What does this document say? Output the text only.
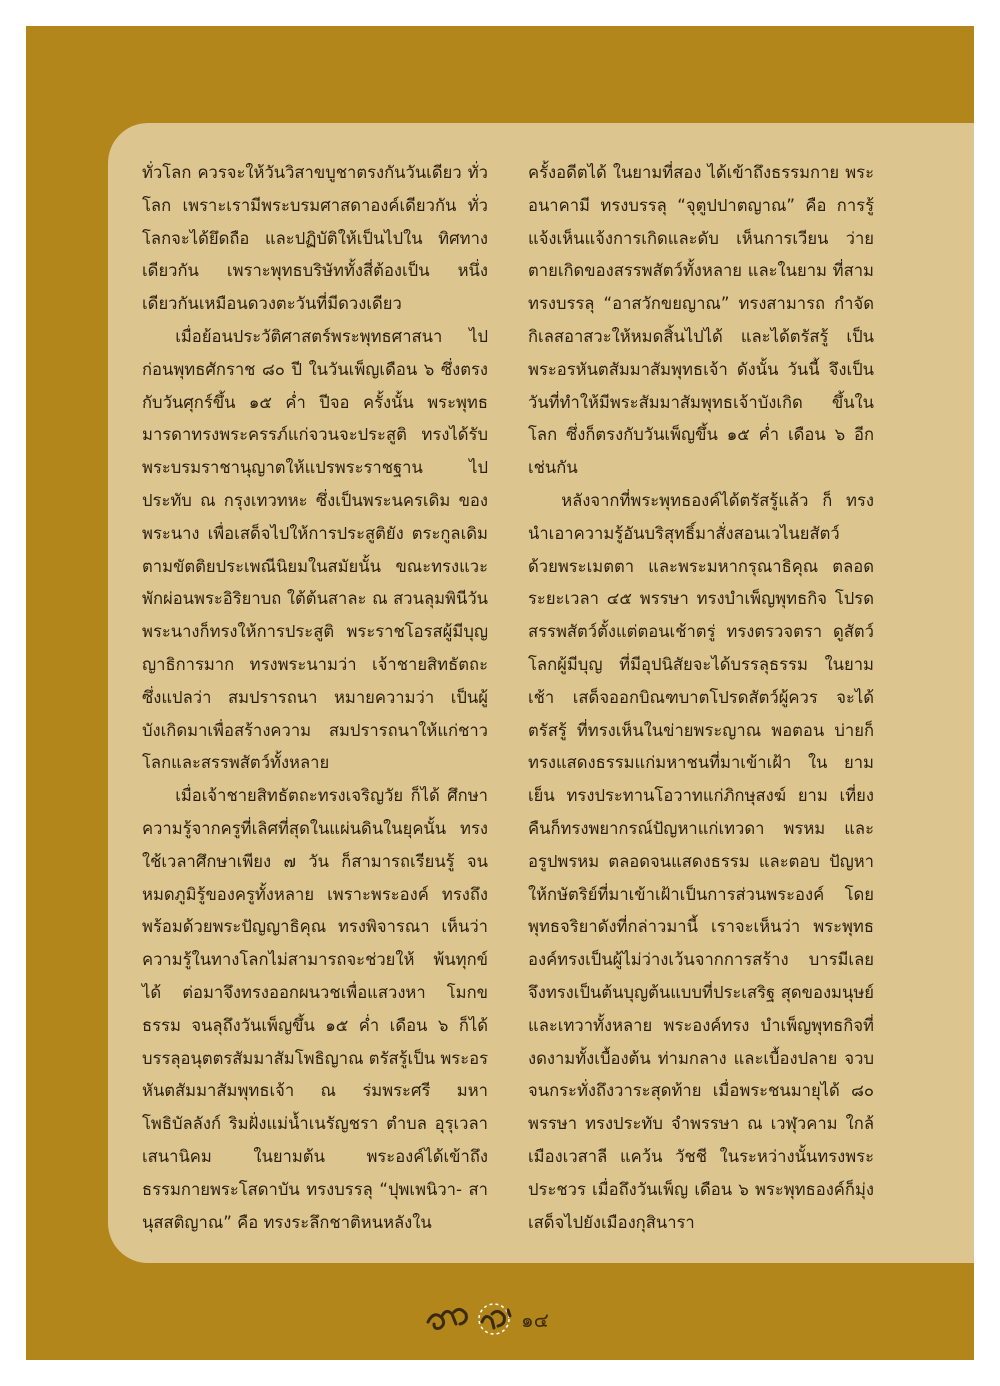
ทั่วโลก ควรจะให้วันวิสาขบูชาตรงกันวันเดียว ทั่วโลก เพราะเรามีพระบรมศาสดาองค์เดียวกัน ทั่วโลกจะได้ยึดถือ และปฏิบัติให้เป็นไปใน ทิศทางเดียวกัน เพราะพุทธบริษัททั้งสี่ต้องเป็น หนึ่งเดียวกันเหมือนดวงตะวันที่มีดวงเดียว

เมื่อย้อนประวัติศาสตร์พระพุทธศาสนา ไปก่อนพุทธศักราช ๘๐ ปี ในวันเพ็ญเดือน ๖ ซึ่งตรงกับวันศุกร์ขึ้น ๑๕ ค่ำ ปีจอ ครั้งนั้น พระพุทธมารดาทรงพระครรภ์แก่จวนจะประสูติ ทรงได้รับพระบรมราชานุญาตให้แปรพระราชฐาน ไปประทับ ณ กรุงเทวทหะ ซึ่งเป็นพระนครเดิม ของพระนาง เพื่อเสด็จไปให้การประสูติยัง ตระกูลเดิม ตามขัตติยประเพณีนิยมในสมัยนั้น ขณะทรงแวะพักผ่อนพระอิริยาบถ ใต้ต้นสาละ ณ สวนลุมพินีวัน พระนางก็ทรงให้การประสูติ พระราชโอรสผู้มีบุญญาธิการมาก ทรงพระนามว่า เจ้าชายสิทธัตถะ ซึ่งแปลว่า สมปรารถนา หมายความว่า เป็นผู้บังเกิดมาเพื่อสร้างความ สมปรารถนาให้แก่ชาวโลกและสรรพสัตว์ทั้งหลาย

เมื่อเจ้าชายสิทธัตถะทรงเจริญวัย ก็ได้ ศึกษาความรู้จากครูที่เลิศที่สุดในแผ่นดินในยุคนั้น ทรงใช้เวลาศึกษาเพียง ๗ วัน ก็สามารถเรียนรู้ จนหมดภูมิรู้ของครูทั้งหลาย เพราะพระองค์ ทรงถึงพร้อมด้วยพระปัญญาธิคุณ ทรงพิจารณา เห็นว่า ความรู้ในทางโลกไม่สามารถจะช่วยให้ พ้นทุกข์ได้ ต่อมาจึงทรงออกผนวชเพื่อแสวงหา โมกขธรรม จนลุถึงวันเพ็ญขึ้น ๑๕ ค่ำ เดือน ๖ ก็ได้บรรลุอนุตตรสัมมาสัมโพธิญาณ ตรัสรู้เป็น พระอรหันตสัมมาสัมพุทธเจ้า ณ ร่มพระศรี มหาโพธิบัลลังก์ ริมฝั่งแม่น้ำเนรัญชรา ตำบล อุรุเวลาเสนานิคม ในยามต้น พระองค์ได้เข้าถึง ธรรมกายพระโสดาบัน ทรงบรรลุ “ปุพเพนิวา- สานุสสติญาณ” คือ ทรงระลึกชาติหนหลังใน

ครั้งอดีตได้ ในยามที่สอง ได้เข้าถึงธรรมกาย พระอนาคามี ทรงบรรลุ “จุตูปปาตญาณ” คือ การรู้แจ้งเห็นแจ้งการเกิดและดับ เห็นการเวียน ว่ายตายเกิดของสรรพสัตว์ทั้งหลาย และในยาม ที่สาม ทรงบรรลุ “อาสวักขยญาณ” ทรงสามารถ กำจัดกิเลสอาสวะให้หมดสิ้นไปได้ และได้ตรัสรู้ เป็นพระอรหันตสัมมาสัมพุทธเจ้า ดังนั้น วันนี้ จึงเป็นวันที่ทำให้มีพระสัมมาสัมพุทธเจ้าบังเกิด ขึ้นในโลก ซึ่งก็ตรงกับวันเพ็ญขึ้น ๑๕ ค่ำ เดือน ๖ อีกเช่นกัน

หลังจากที่พระพุทธองค์ได้ตรัสรู้แล้ว ก็ ทรงนำเอาความรู้อันบริสุทธิ์มาสั่งสอนเวไนยสัตว์ ด้วยพระเมตตา และพระมหากรุณาธิคุณ ตลอด ระยะเวลา ๔๕ พรรษา ทรงบำเพ็ญพุทธกิจ โปรดสรรพสัตว์ตั้งแต่ตอนเช้าตรู่ ทรงตรวจตรา ดูสัตว์โลกผู้มีบุญ ที่มีอุปนิสัยจะได้บรรลุธรรม ในยามเช้า เสด็จออกบิณฑบาตโปรดสัตว์ผู้ควร จะได้ตรัสรู้ ที่ทรงเห็นในข่ายพระญาณ พอตอน บ่ายก็ทรงแสดงธรรมแก่มหาชนที่มาเข้าเฝ้า ใน ยามเย็น ทรงประทานโอวาทแก่ภิกษุสงฆ์ ยาม เที่ยงคืนก็ทรงพยากรณ์ปัญหาแก่เทวดา พรหม และอรูปพรหม ตลอดจนแสดงธรรม และตอบ ปัญหาให้กษัตริย์ที่มาเข้าเฝ้าเป็นการส่วนพระองค์ โดยพุทธจริยาดังที่กล่าวมานี้ เราจะเห็นว่า พระพุทธองค์ทรงเป็นผู้ไม่ว่างเว้นจากการสร้าง บารมีเลย จึงทรงเป็นต้นบุญต้นแบบที่ประเสริฐ สุดของมนุษย์และเทวาทั้งหลาย พระองค์ทรง บำเพ็ญพุทธกิจที่งดงามทั้งเบื้องต้น ท่ามกลาง และเบื้องปลาย จวบจนกระทั่งถึงวาระสุดท้าย เมื่อพระชนมายุได้ ๘๐ พรรษา ทรงประทับ จำพรรษา ณ เวฬุวคาม ใกล้เมืองเวสาลี แคว้น วัชชี ในระหว่างนั้นทรงพระประชวร เมื่อถึงวันเพ็ญ เดือน ๖ พระพุทธองค์ก็มุ่งเสด็จไปยังเมืองกุสินารา

๑๔
